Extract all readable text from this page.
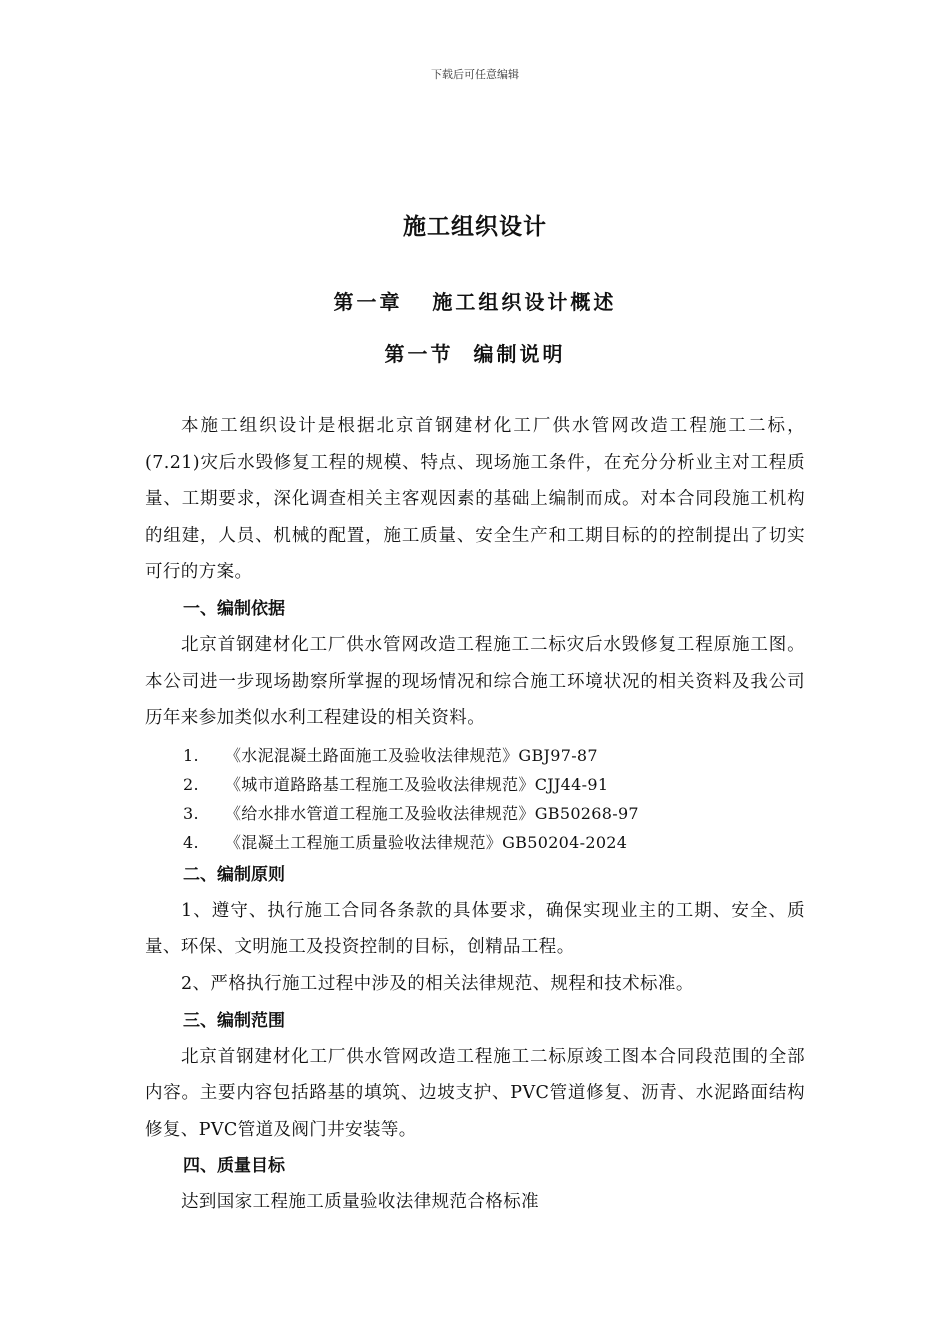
下载后可任意编辑
施工组织设计
第一章   施工组织设计概述
第一节  编制说明

本施工组织设计是根据北京首钢建材化工厂供水管网改造工程施工二标，(7.21)灾后水毁修复工程的规模、特点、现场施工条件，在充分分析业主对工程质量、工期要求，深化调查相关主客观因素的基础上编制而成。对本合同段施工机构的组建，人员、机械的配置，施工质量、安全生产和工期目标的的控制提出了切实可行的方案。

一、编制依据

北京首钢建材化工厂供水管网改造工程施工二标灾后水毁修复工程原施工图。本公司进一步现场勘察所掌握的现场情况和综合施工环境状况的相关资料及我公司历年来参加类似水利工程建设的相关资料。

1. 《水泥混凝土路面施工及验收法律规范》GBJ97-87
2. 《城市道路路基工程施工及验收法律规范》CJJ44-91
3. 《给水排水管道工程施工及验收法律规范》GB50268-97
4. 《混凝土工程施工质量验收法律规范》GB50204-2024

二、编制原则

1、遵守、执行施工合同各条款的具体要求，确保实现业主的工期、安全、质量、环保、文明施工及投资控制的目标，创精品工程。

2、严格执行施工过程中涉及的相关法律规范、规程和技术标准。

三、编制范围

北京首钢建材化工厂供水管网改造工程施工二标原竣工图本合同段范围的全部内容。主要内容包括路基的填筑、边坡支护、PVC管道修复、沥青、水泥路面结构修复、PVC管道及阀门井安装等。

四、质量目标

达到国家工程施工质量验收法律规范合格标准
